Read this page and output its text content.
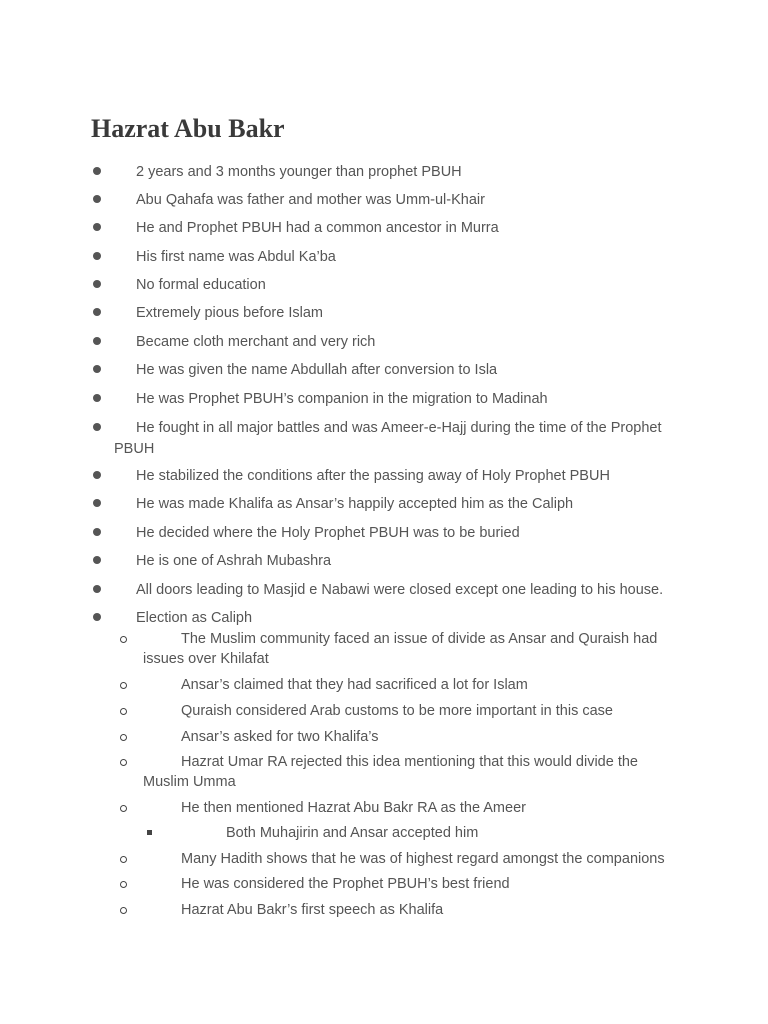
Hazrat Abu Bakr
2 years and 3 months younger than prophet PBUH
Abu Qahafa was father and mother was Umm-ul-Khair
He and Prophet PBUH had a common ancestor in Murra
His first name was Abdul Ka’ba
No formal education
Extremely pious before Islam
Became cloth merchant and very rich
He was given the name Abdullah after conversion to Isla
He was Prophet PBUH’s companion in the migration to Madinah
He fought in all major battles and was Ameer-e-Hajj during the time of the Prophet
PBUH
He stabilized the conditions after the passing away of Holy Prophet PBUH
He was made Khalifa as Ansar’s happily accepted him as the Caliph
He decided where the Holy Prophet PBUH was to be buried
He is one of Ashrah Mubashra
All doors leading to Masjid e Nabawi were closed except one leading to his house.
Election as Caliph
The Muslim community faced an issue of divide as Ansar and Quraish had
issues over Khilafat
Ansar’s claimed that they had sacrificed a lot for Islam
Quraish considered Arab customs to be more important in this case
Ansar’s asked for two Khalifa’s
Hazrat Umar RA rejected this idea mentioning that this would divide the
Muslim Umma
He then mentioned Hazrat Abu Bakr RA as the Ameer
Both Muhajirin and Ansar accepted him
Many Hadith shows that he was of highest regard amongst the companions
He was considered the Prophet PBUH’s best friend
Hazrat Abu Bakr’s first speech as Khalifa
